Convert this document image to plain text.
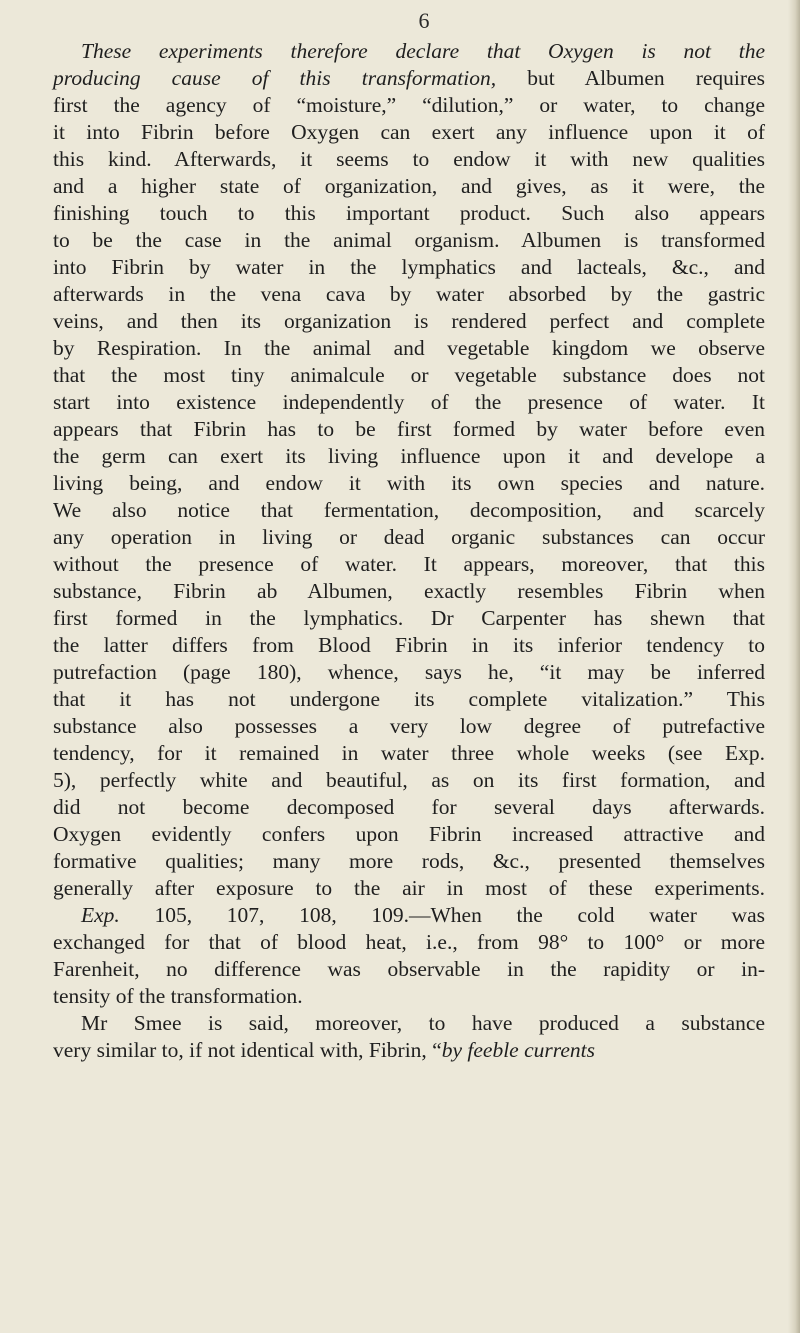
6
These experiments therefore declare that Oxygen is not the
producing cause of this transformation, but Albumen requires
first the agency of “moisture,” “dilution,” or water, to change
it into Fibrin before Oxygen can exert any influence upon it of
this kind. Afterwards, it seems to endow it with new qualities
and a higher state of organization, and gives, as it were, the
finishing touch to this important product. Such also appears
to be the case in the animal organism. Albumen is transformed
into Fibrin by water in the lymphatics and lacteals, &c., and
afterwards in the vena cava by water absorbed by the gastric
veins, and then its organization is rendered perfect and complete
by Respiration. In the animal and vegetable kingdom we observe
that the most tiny animalcule or vegetable substance does not
start into existence independently of the presence of water. It
appears that Fibrin has to be first formed by water before even
the germ can exert its living influence upon it and develope a
living being, and endow it with its own species and nature.
We also notice that fermentation, decomposition, and scarcely
any operation in living or dead organic substances can occur
without the presence of water. It appears, moreover, that this
substance, Fibrin ab Albumen, exactly resembles Fibrin when
first formed in the lymphatics. Dr Carpenter has shewn that
the latter differs from Blood Fibrin in its inferior tendency to
putrefaction (page 180), whence, says he, “it may be inferred
that it has not undergone its complete vitalization.” This
substance also possesses a very low degree of putrefactive
tendency, for it remained in water three whole weeks (see Exp.
5), perfectly white and beautiful, as on its first formation, and
did not become decomposed for several days afterwards.
Oxygen evidently confers upon Fibrin increased attractive and
formative qualities; many more rods, &c., presented themselves
generally after exposure to the air in most of these experiments.
Exp. 105, 107, 108, 109.—When the cold water was
exchanged for that of blood heat, i.e., from 98° to 100° or more
Farenheit, no difference was observable in the rapidity or in-
tensity of the transformation.
Mr Smee is said, moreover, to have produced a substance
very similar to, if not identical with, Fibrin, “by feeble currents
